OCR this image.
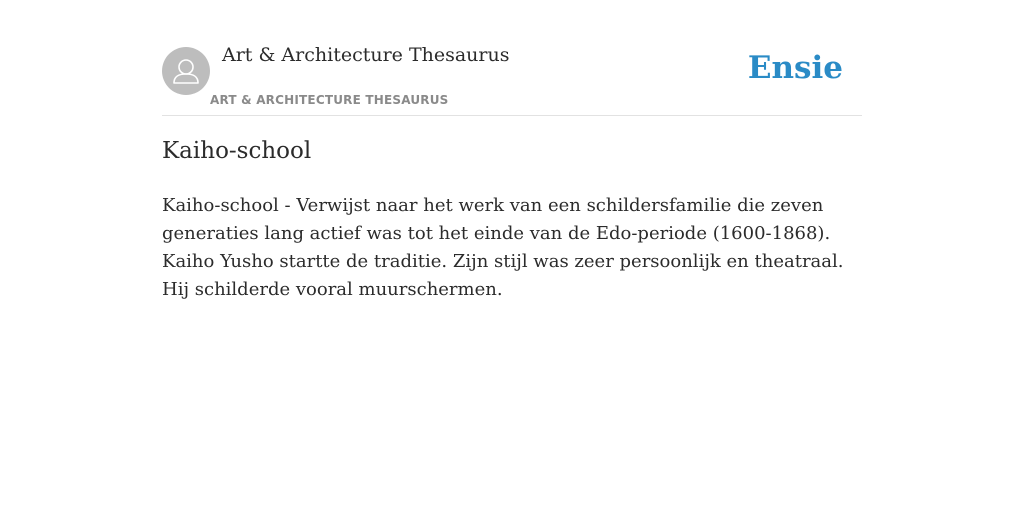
Art & Architecture Thesaurus
ART & ARCHITECTURE THESAURUS
Ensie
Kaiho-school

Kaiho-school - Verwijst naar het werk van een schildersfamilie die zeven generaties lang actief was tot het einde van de Edo-periode (1600-1868). Kaiho Yusho startte de traditie. Zijn stijl was zeer persoonlijk en theatraal. Hij schilderde vooral muurschermen.
